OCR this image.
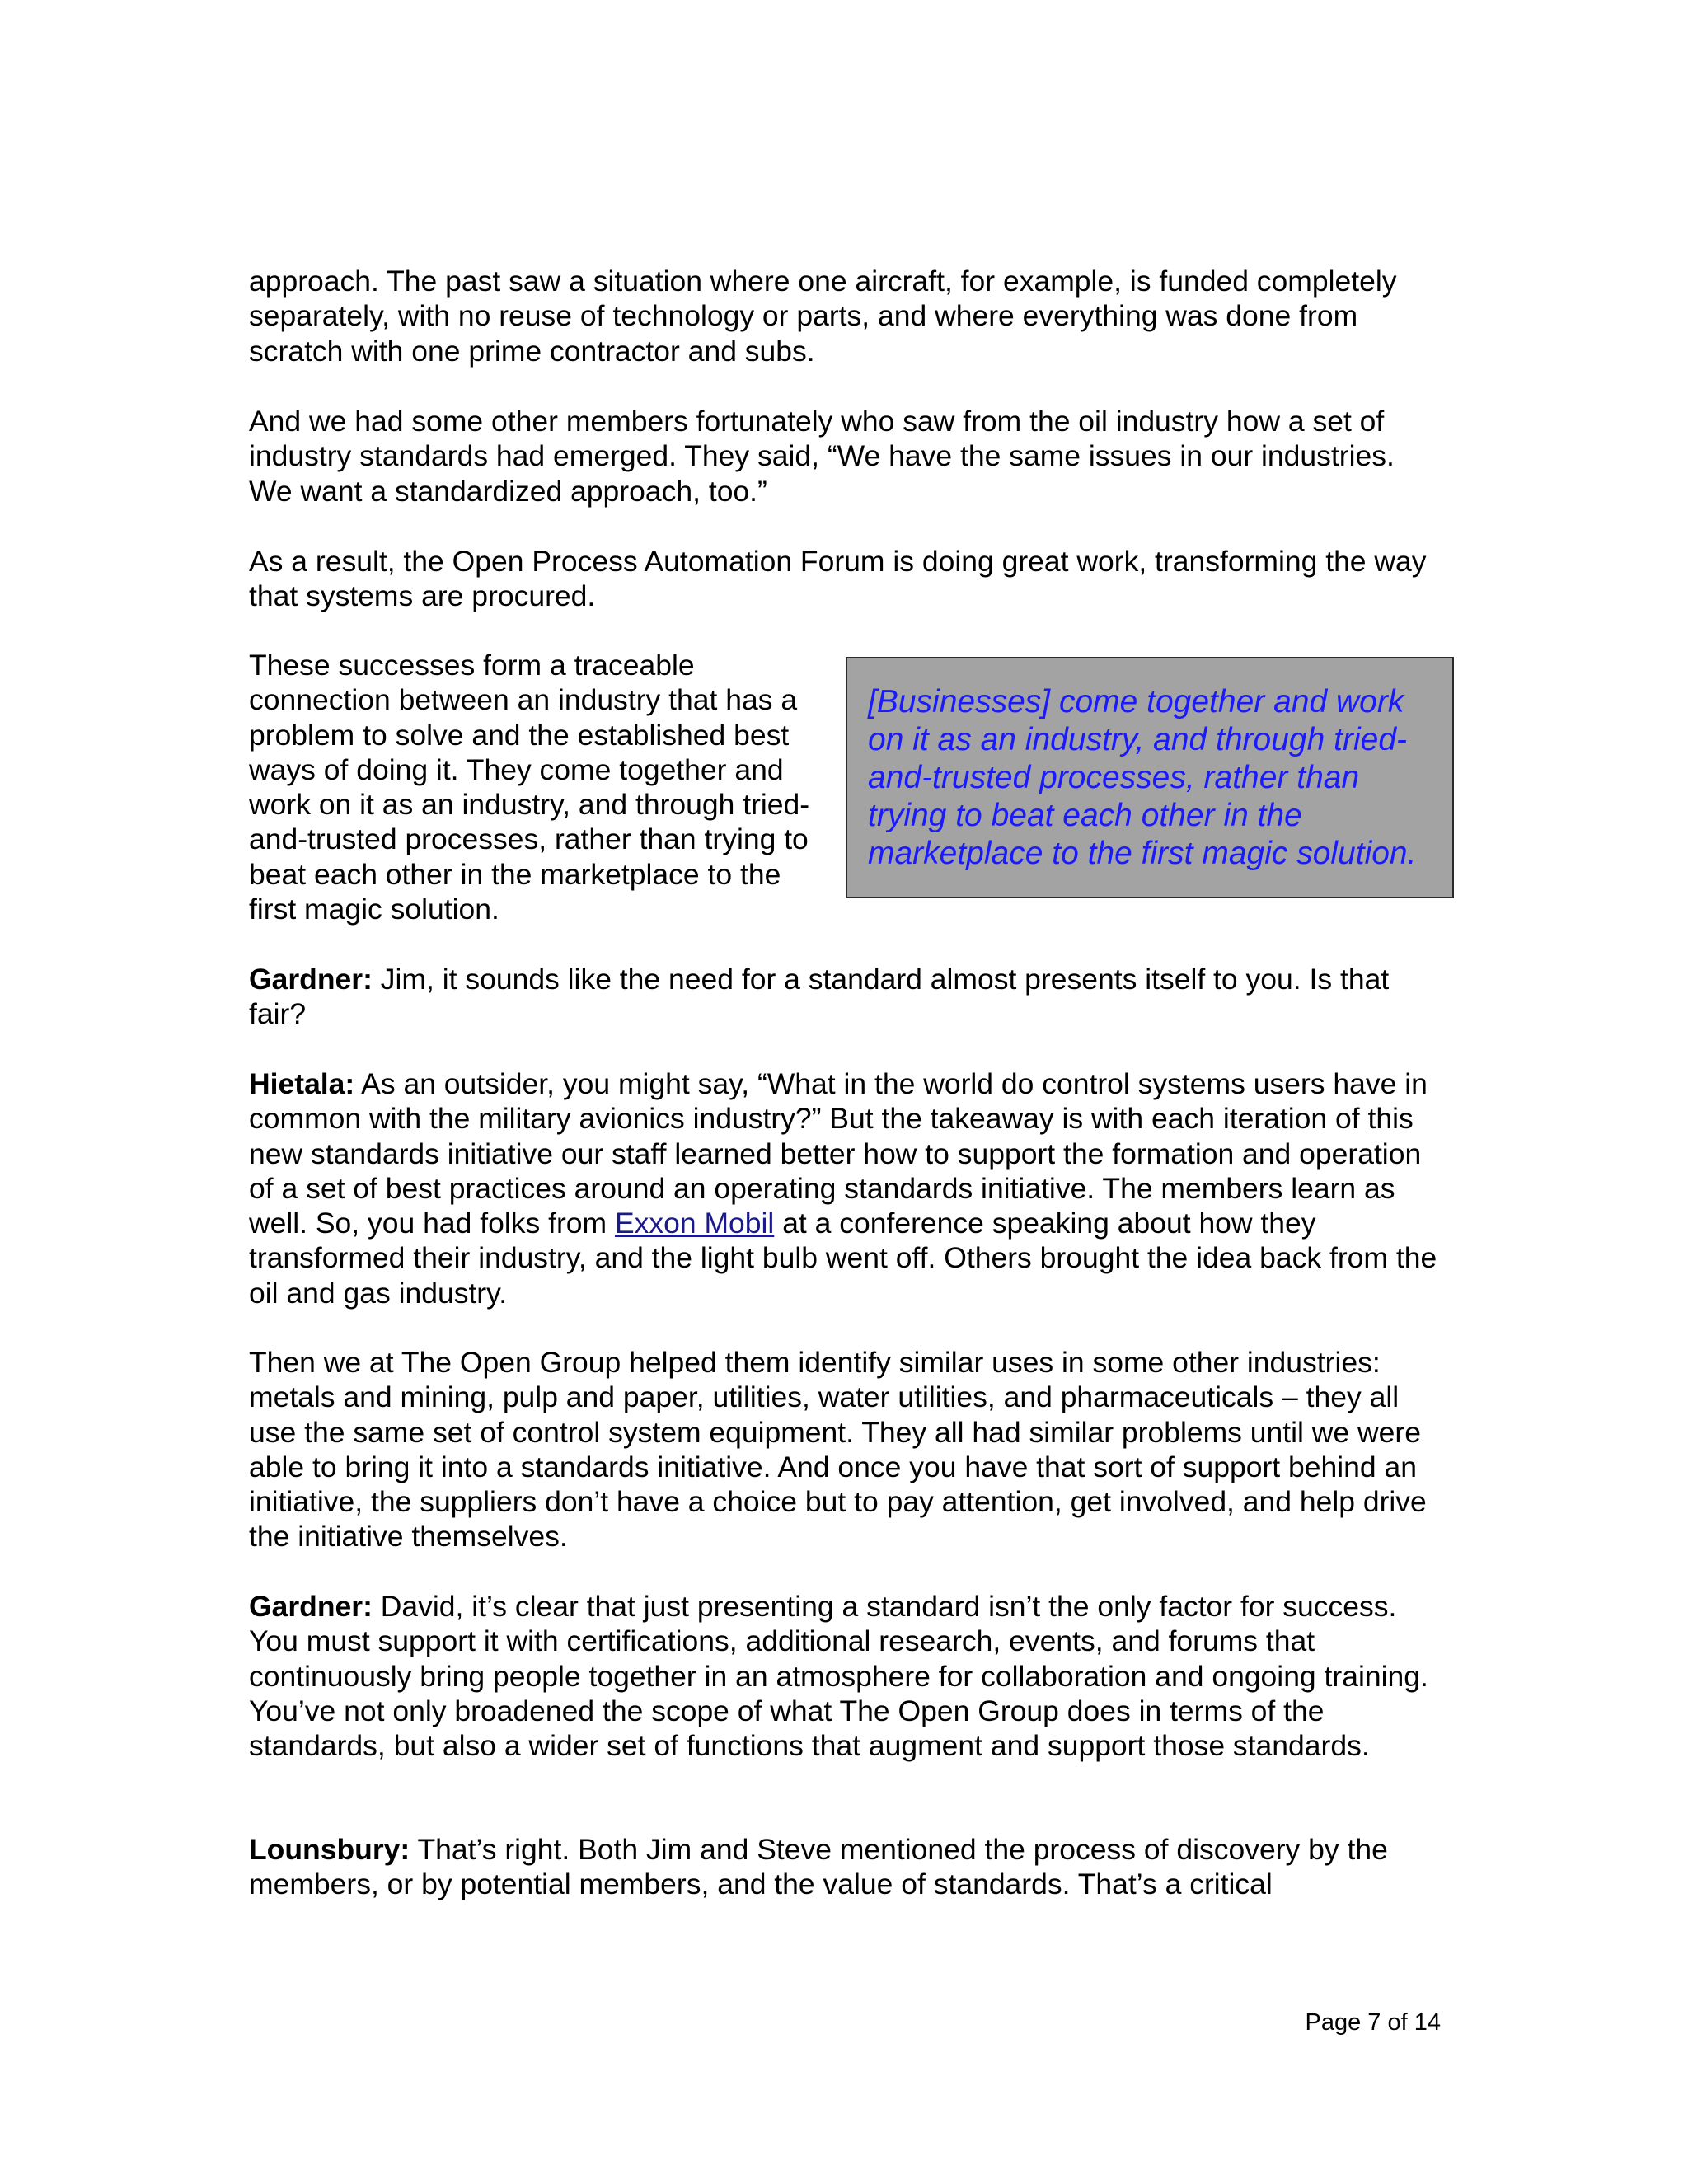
approach. The past saw a situation where one aircraft, for example, is funded completely separately, with no reuse of technology or parts, and where everything was done from scratch with one prime contractor and subs.

And we had some other members fortunately who saw from the oil industry how a set of industry standards had emerged. They said, “We have the same issues in our industries. We want a standardized approach, too.”

As a result, the Open Process Automation Forum is doing great work, transforming the way that systems are procured.

These successes form a traceable connection between an industry that has a problem to solve and the established best ways of doing it. They come together and work on it as an industry, and through tried-and-trusted processes, rather than trying to beat each other in the marketplace to the first magic solution.

[Businesses] come together and work on it as an industry, and through tried-and-trusted processes, rather than trying to beat each other in the marketplace to the first magic solution.

Gardner: Jim, it sounds like the need for a standard almost presents itself to you. Is that fair?

Hietala: As an outsider, you might say, “What in the world do control systems users have in common with the military avionics industry?” But the takeaway is with each iteration of this new standards initiative our staff learned better how to support the formation and operation of a set of best practices around an operating standards initiative. The members learn as well. So, you had folks from Exxon Mobil at a conference speaking about how they transformed their industry, and the light bulb went off. Others brought the idea back from the oil and gas industry.

Then we at The Open Group helped them identify similar uses in some other industries: metals and mining, pulp and paper, utilities, water utilities, and pharmaceuticals – they all use the same set of control system equipment. They all had similar problems until we were able to bring it into a standards initiative. And once you have that sort of support behind an initiative, the suppliers don’t have a choice but to pay attention, get involved, and help drive the initiative themselves.

Gardner: David, it’s clear that just presenting a standard isn’t the only factor for success. You must support it with certifications, additional research, events, and forums that continuously bring people together in an atmosphere for collaboration and ongoing training. You’ve not only broadened the scope of what The Open Group does in terms of the standards, but also a wider set of functions that augment and support those standards.

Lounsbury: That’s right. Both Jim and Steve mentioned the process of discovery by the members, or by potential members, and the value of standards. That’s a critical

Page 7 of 14
